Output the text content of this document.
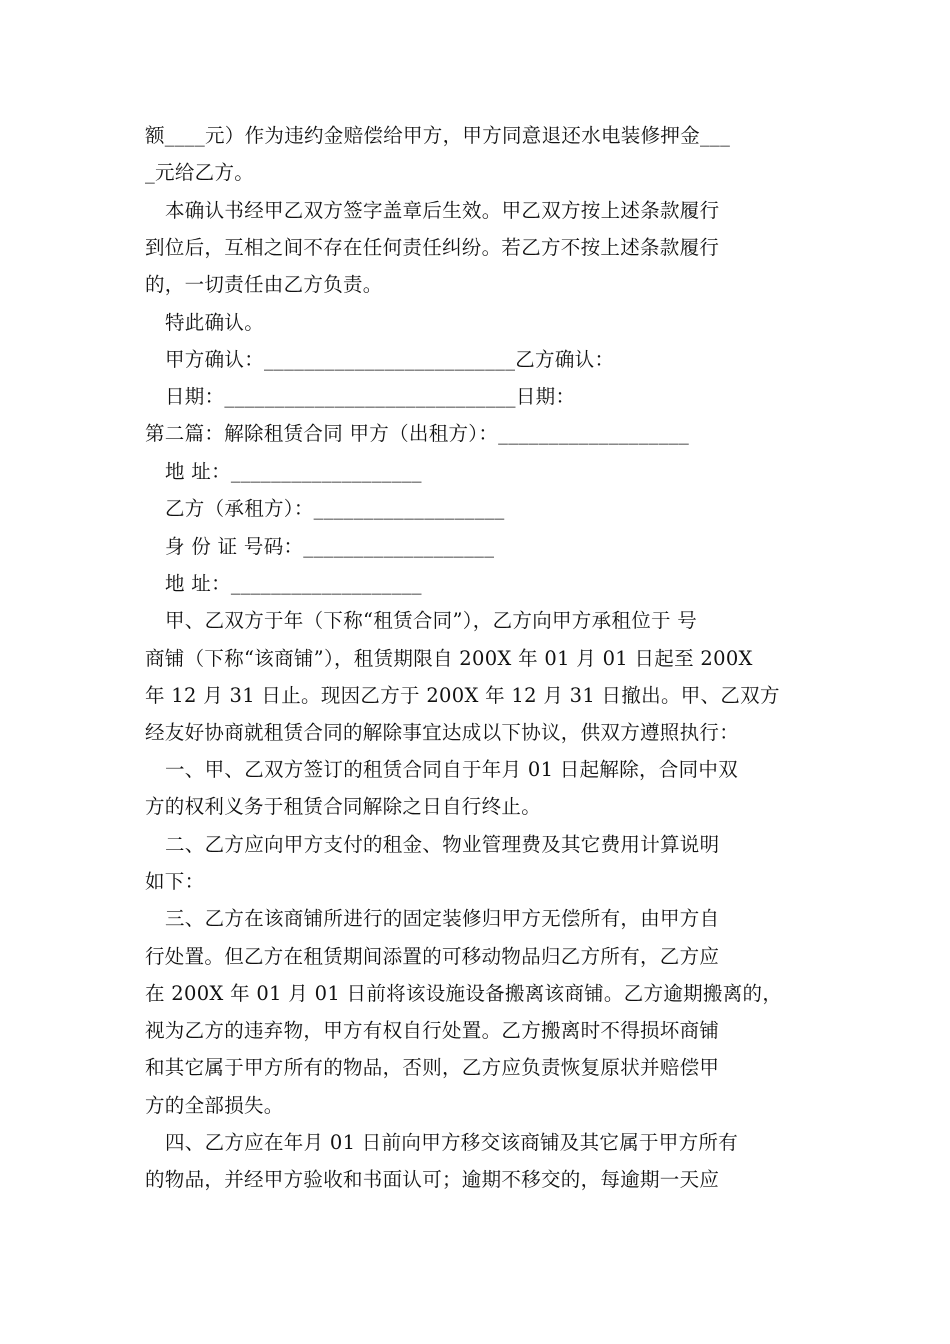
额____元）作为违约金赔偿给甲方，甲方同意退还水电装修押金___
_元给乙方。
本确认书经甲乙双方签字盖章后生效。甲乙双方按上述条款履行
到位后，互相之间不存在任何责任纠纷。若乙方不按上述条款履行
的，一切责任由乙方负责。
特此确认。
甲方确认：_________________________乙方确认：
日期：_____________________________日期：
第二篇：解除租赁合同 甲方（出租方）：___________________
地 址：___________________
乙方（承租方）：___________________
身 份 证 号码：___________________
地 址：___________________
甲、乙双方于年（下称“租赁合同”），乙方向甲方承租位于 号
商铺（下称“该商铺”），租赁期限自 200X 年 01 月 01 日起至 200X
年 12 月 31 日止。现因乙方于 200X 年 12 月 31 日撤出。甲、乙双方
经友好协商就租赁合同的解除事宜达成以下协议，供双方遵照执行：
一、甲、乙双方签订的租赁合同自于年月 01 日起解除，合同中双
方的权利义务于租赁合同解除之日自行终止。
二、乙方应向甲方支付的租金、物业管理费及其它费用计算说明
如下：
三、乙方在该商铺所进行的固定装修归甲方无偿所有，由甲方自
行处置。但乙方在租赁期间添置的可移动物品归乙方所有，乙方应
在 200X 年 01 月 01 日前将该设施设备搬离该商铺。乙方逾期搬离的，
视为乙方的违弃物，甲方有权自行处置。乙方搬离时不得损坏商铺
和其它属于甲方所有的物品，否则，乙方应负责恢复原状并赔偿甲
方的全部损失。
四、乙方应在年月 01 日前向甲方移交该商铺及其它属于甲方所有
的物品，并经甲方验收和书面认可；逾期不移交的，每逾期一天应
